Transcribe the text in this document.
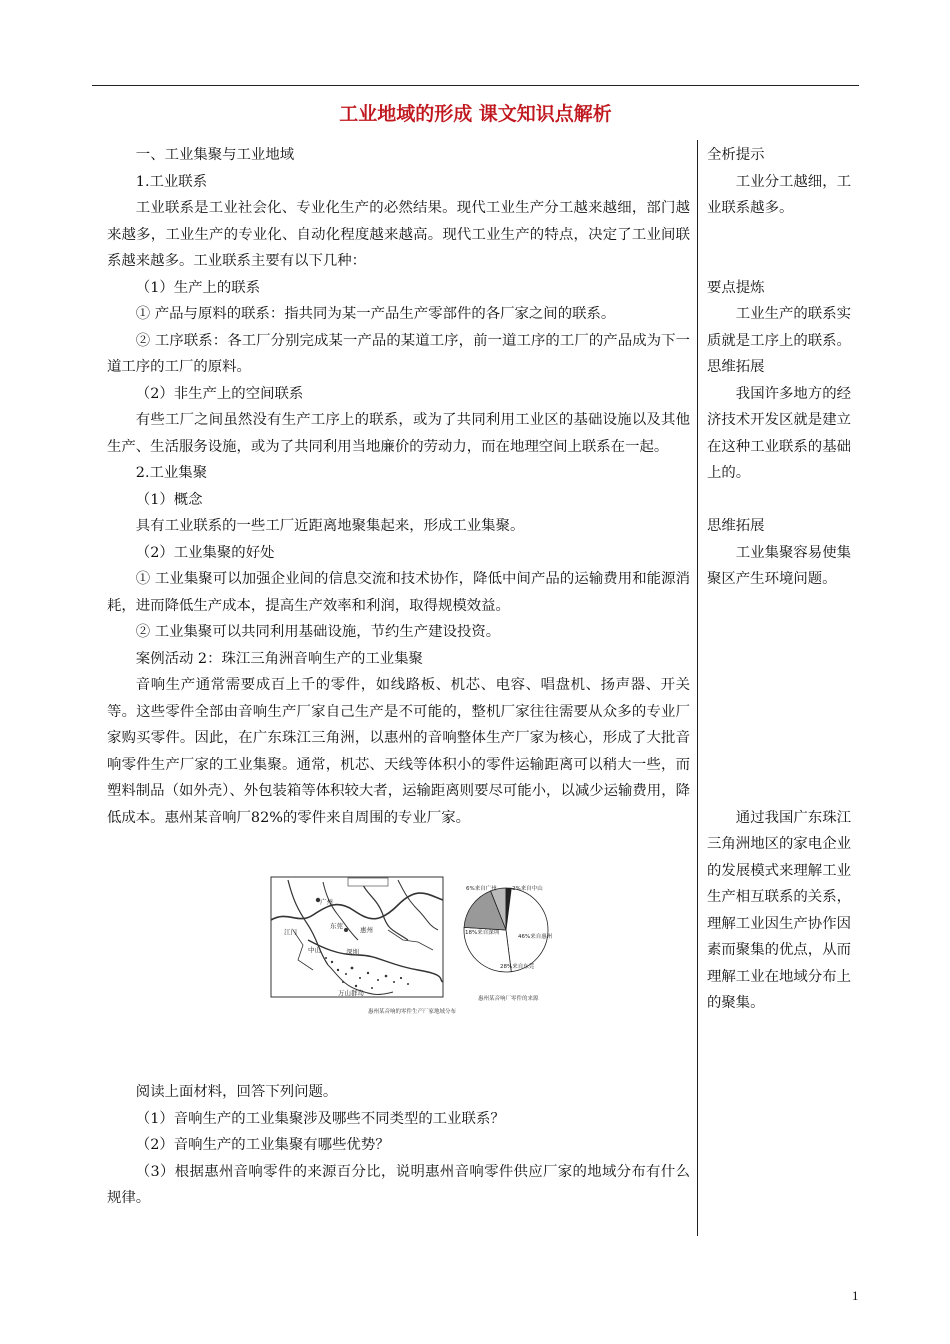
工业地域的形成 课文知识点解析

一、工业集聚与工业地域

1.工业联系

工业联系是工业社会化、专业化生产的必然结果。现代工业生产分工越来越细，部门越来越多，工业生产的专业化、自动化程度越来越高。现代工业生产的特点，决定了工业间联系越来越多。工业联系主要有以下几种：

（1）生产上的联系

① 产品与原料的联系：指共同为某一产品生产零部件的各厂家之间的联系。

② 工序联系：各工厂分别完成某一产品的某道工序，前一道工序的工厂的产品成为下一道工序的工厂的原料。

（2）非生产上的空间联系

有些工厂之间虽然没有生产工序上的联系，或为了共同利用工业区的基础设施以及其他生产、生活服务设施，或为了共同利用当地廉价的劳动力，而在地理空间上联系在一起。

2.工业集聚

（1）概念

具有工业联系的一些工厂近距离地聚集起来，形成工业集聚。

（2）工业集聚的好处

① 工业集聚可以加强企业间的信息交流和技术协作，降低中间产品的运输费用和能源消耗，进而降低生产成本，提高生产效率和利润，取得规模效益。

② 工业集聚可以共同利用基础设施，节约生产建设投资。

案例活动 2：珠江三角洲音响生产的工业集聚

音响生产通常需要成百上千的零件，如线路板、机芯、电容、唱盘机、扬声器、开关等。这些零件全部由音响生产厂家自己生产是不可能的，整机厂家往往需要从众多的专业厂家购买零件。因此，在广东珠江三角洲，以惠州的音响整体生产厂家为核心，形成了大批音响零件生产厂家的工业集聚。通常，机芯、天线等体积小的零件运输距离可以稍大一些，而塑料制品（如外壳）、外包装箱等体积较大者，运输距离则要尽可能小，以减少运输费用，降低成本。惠州某音响厂82%的零件来自周围的专业厂家。

阅读上面材料，回答下列问题。

（1）音响生产的工业集聚涉及哪些不同类型的工业联系？

（2）音响生产的工业集聚有哪些优势？

（3）根据惠州音响零件的来源百分比，说明惠州音响零件供应厂家的地域分布有什么规律。

全析提示

工业分工越细，工业联系越多。

要点提炼

工业生产的联系实质就是工序上的联系。

思维拓展

我国许多地方的经济技术开发区就是建立在这种工业联系的基础上的。

思维拓展

工业集聚容易使集聚区产生环境问题。

通过我国广东珠江三角洲地区的家电企业的发展模式来理解工业生产相互联系的关系，理解工业因生产协作因素而聚集的优点，从而理解工业在地域分布上的聚集。

广州
东莞	惠州
深圳
中山
江门
万山群岛
惠州某音响的零件生产厂家地域分布
6%来自广州	2%来自中山
46%来自惠州
28%来自东莞
18%来自深圳
惠州某音响厂零件的来源
1
